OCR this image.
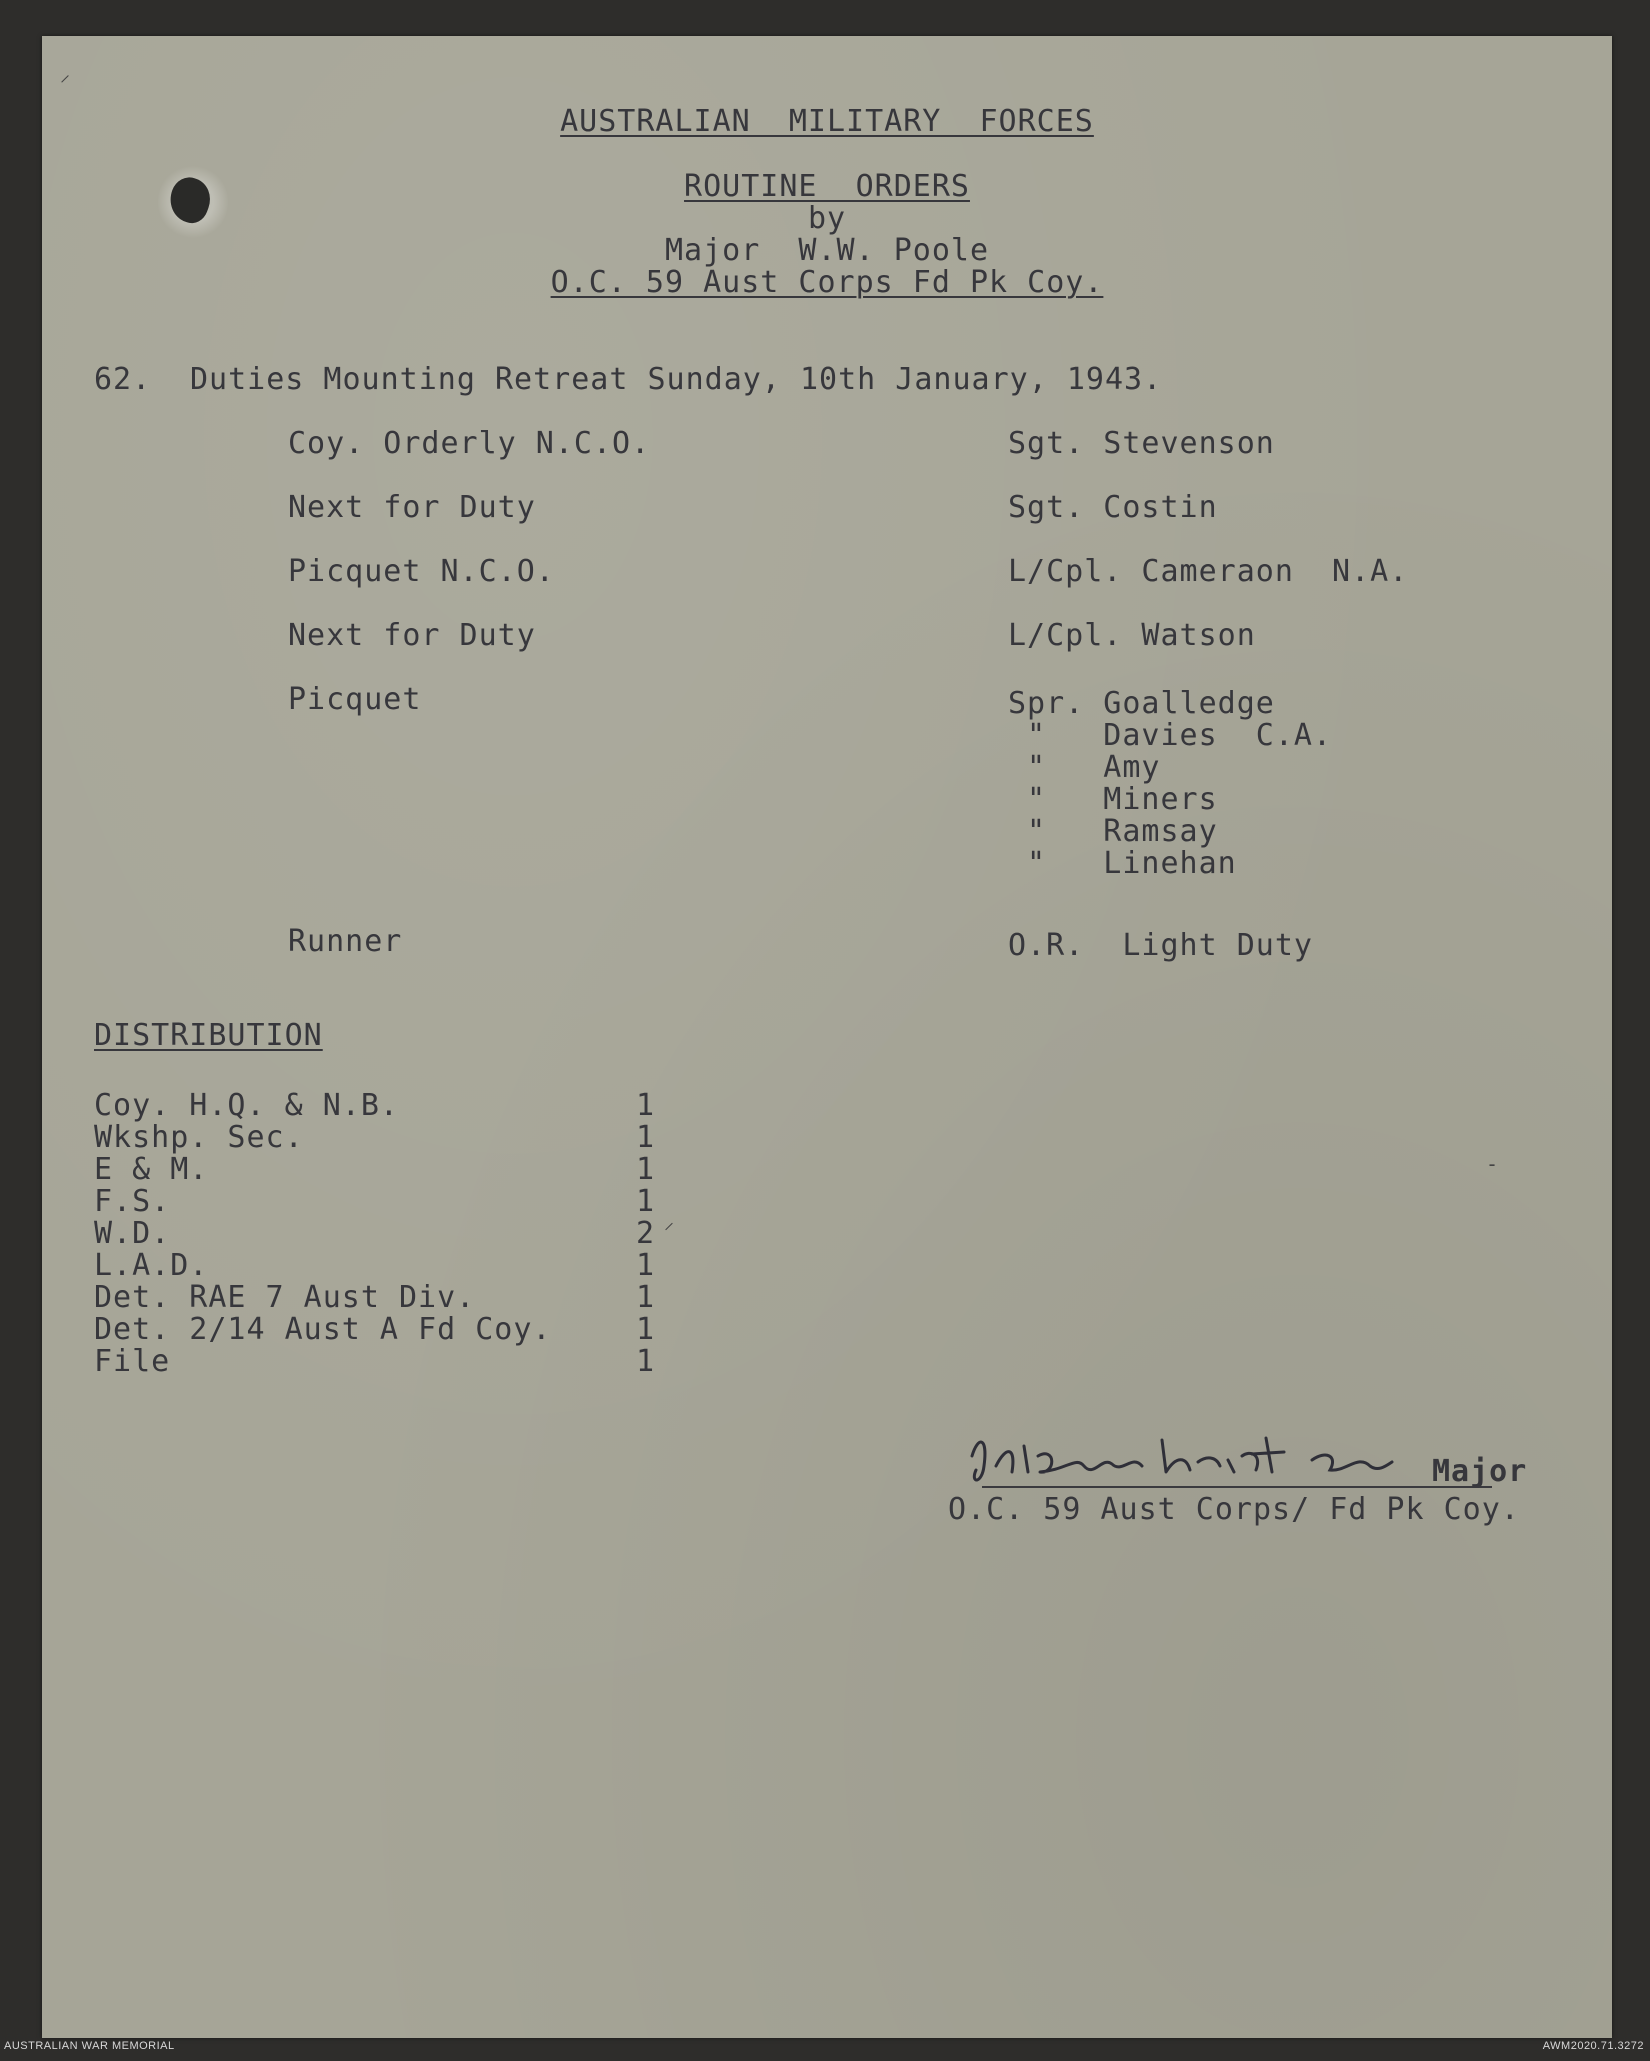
⸝
AUSTRALIAN  MILITARY  FORCES
ROUTINE  ORDERS
by
Major  W.W. Poole
O.C. 59 Aust Corps Fd Pk Coy.
62. Duties Mounting Retreat Sunday, 10th January, 1943.
Coy. Orderly N.C.O.	Sgt. Stevenson
Next for Duty	Sgt. Costin
Picquet N.C.O.	L/Cpl. Camerаon  N.A.
Next for Duty	L/Cpl. Watson
Picquet	Spr. Goаlledge
"   Davies  C.A.
"   Amy
"   Miners
"   Ramsay
"   Linehan
Runner	O.R.  Light Duty
DISTRIBUTION
Coy. H.Q. & N.B.	1
Wkshp. Sec.	1
E & M.	1
F.S.	1
W.D.	2 ⸍
L.A.D.	1
Det. RAE 7 Aust Div.	1
Det. 2/14 Aust A Fd Coy.	1
File	1
-
Major
O.C. 59 Aust Corps/ Fd Pk Coy.
AUSTRALIAN WAR MEMORIAL	AWM2020.71.3272
